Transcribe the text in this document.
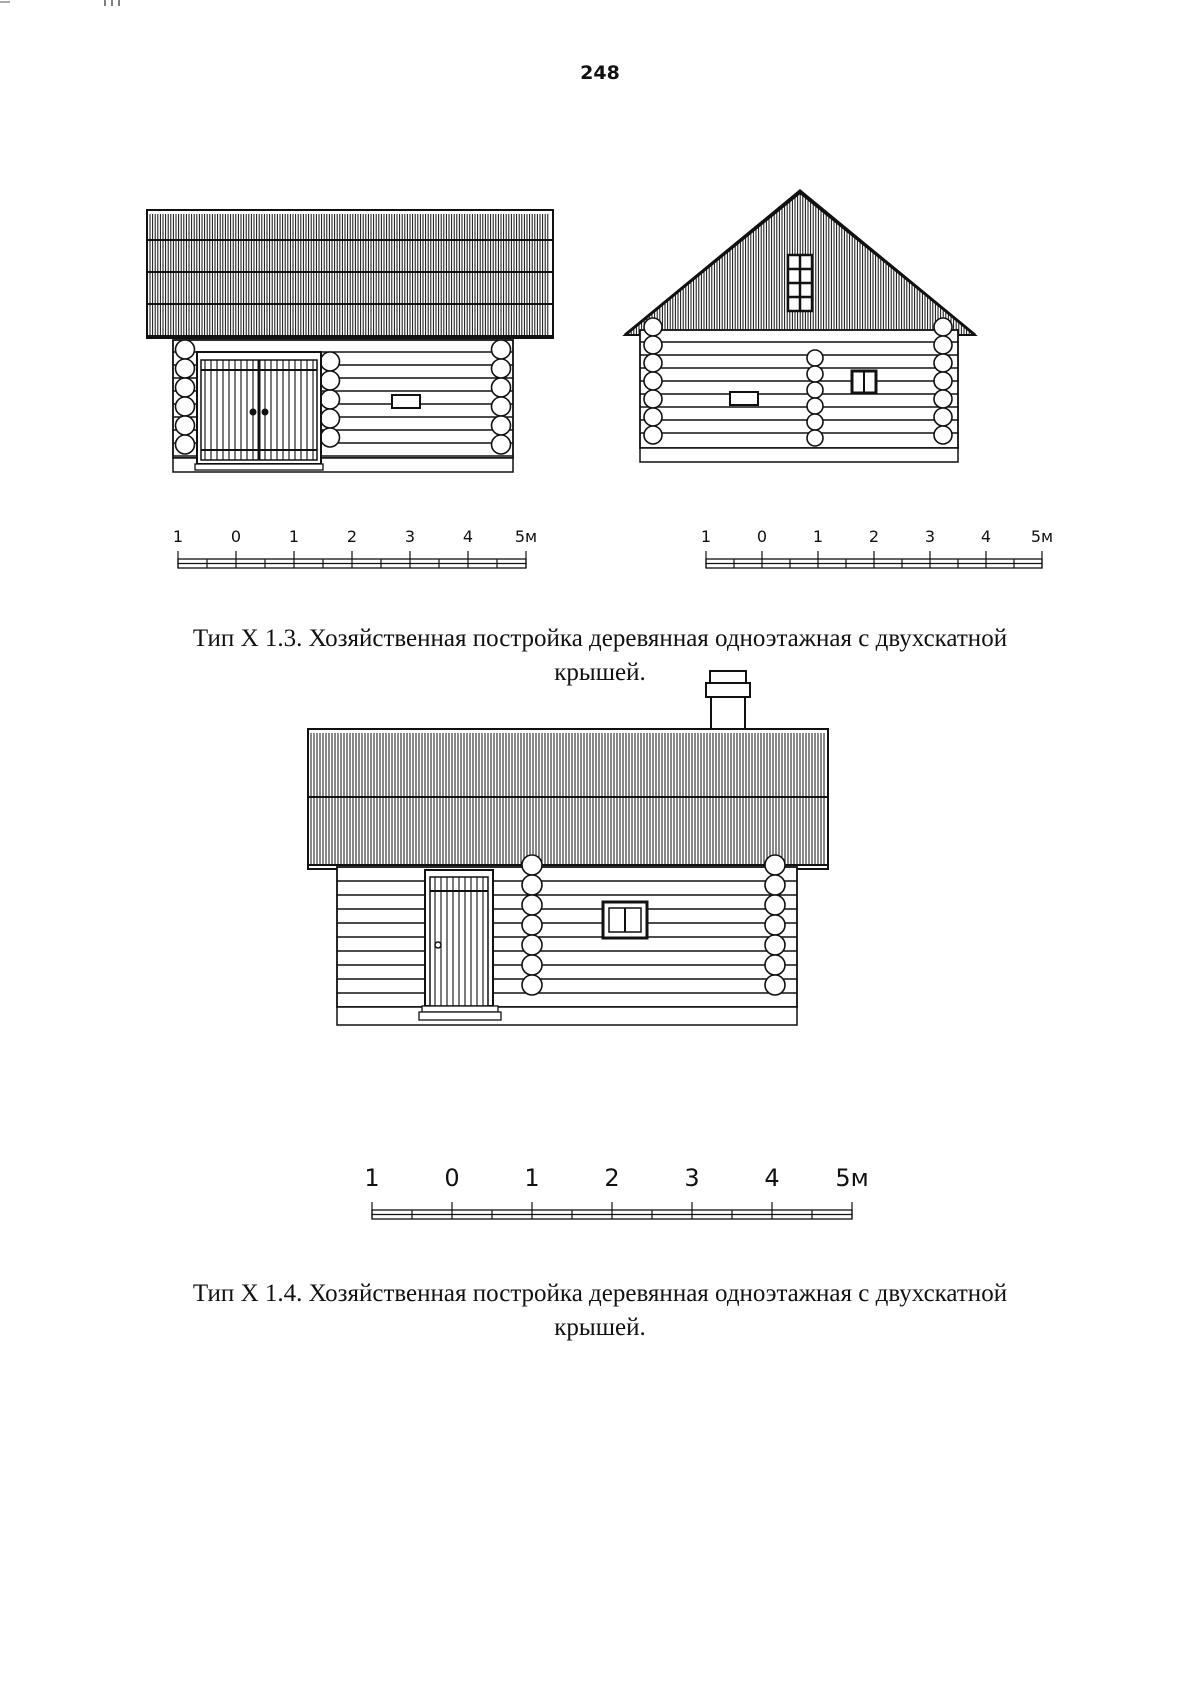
248
1	0	1	2	3	4	5м	1	0	1	2	3	4 5м
Тип X 1.3. Хозяйственная постройка деревянная одноэтажная с двухскатной
крышей.
1	0	1	2	3	4 5м
Тип X 1.4. Хозяйственная постройка деревянная одноэтажная с двухскатной
крышей.
